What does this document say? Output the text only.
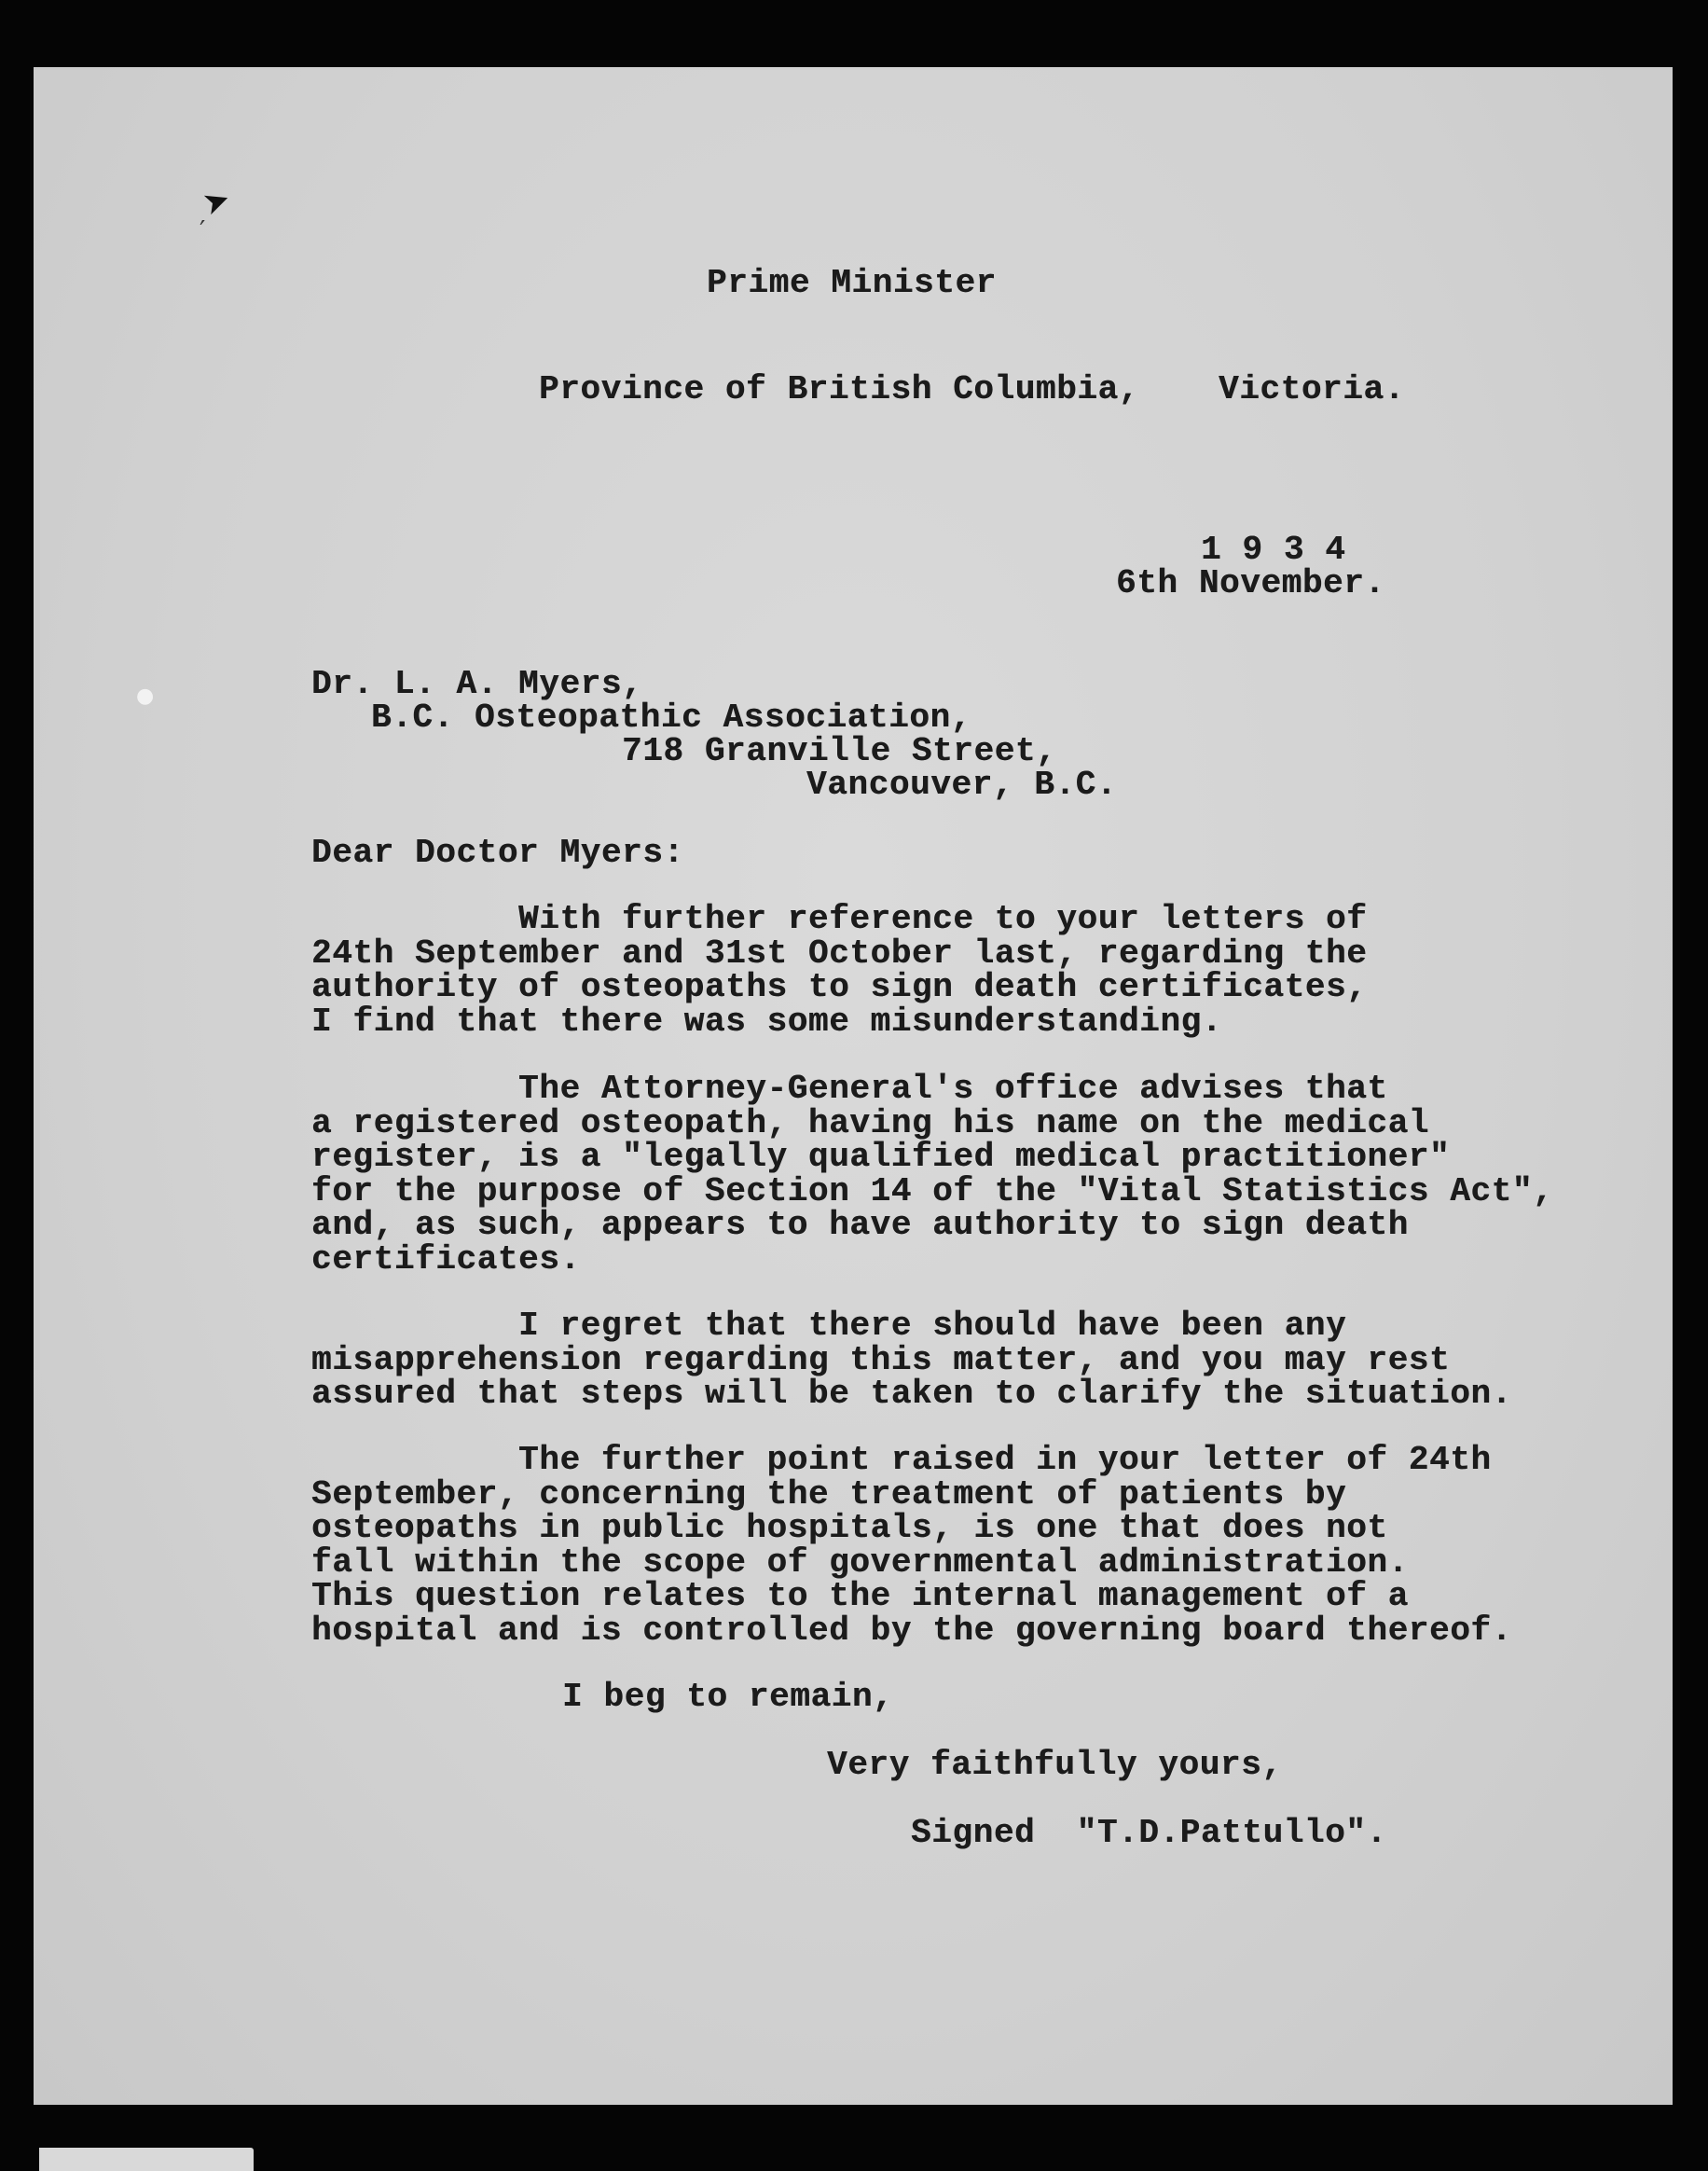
➤
′
●

Prime Minister

Province of British Columbia, Victoria.

1 9 3 4

6th November.

Dr. L. A. Myers,

B.C. Osteopathic Association,

718 Granville Street,

Vancouver, B.C.

Dear Doctor Myers:

With further reference to your letters of
24th September and 31st October last, regarding the
authority of osteopaths to sign death certificates,
I find that there was some misunderstanding.
The Attorney-General's office advises that
a registered osteopath, having his name on the medical
register, is a "legally qualified medical practitioner"
for the purpose of Section 14 of the "Vital Statistics Act",
and, as such, appears to have authority to sign death
certificates.
I regret that there should have been any
misapprehension regarding this matter, and you may rest
assured that steps will be taken to clarify the situation.
The further point raised in your letter of 24th
September, concerning the treatment of patients by
osteopaths in public hospitals, is one that does not
fall within the scope of governmental administration.
This question relates to the internal management of a
hospital and is controlled by the governing board thereof.

I beg to remain,

Very faithfully yours,

Signed  "T.D.Pattullo".
